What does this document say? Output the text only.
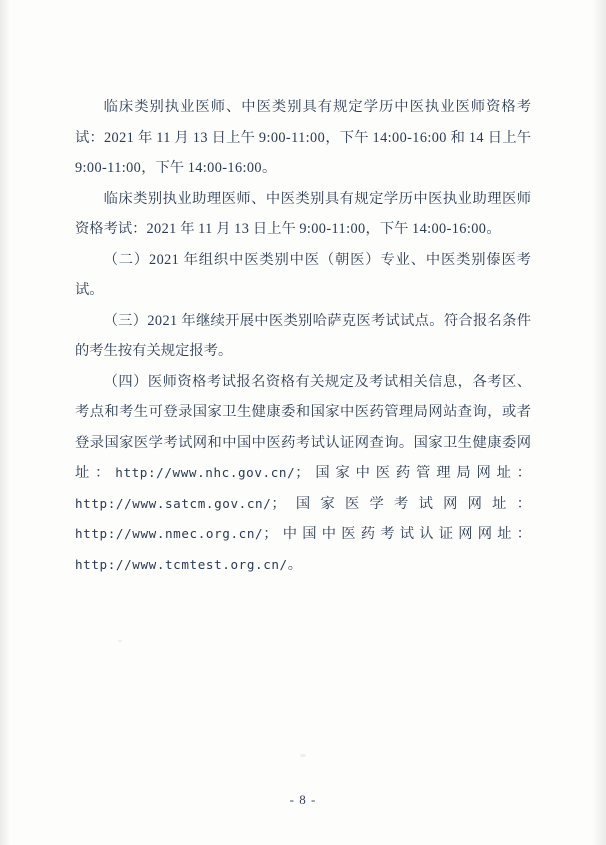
临床类别执业医师、中医类别具有规定学历中医执业医师资格考试：2021 年 11 月 13 日上午 9:00-11:00，下午 14:00-16:00 和 14 日上午 9:00-11:00，下午 14:00-16:00。

临床类别执业助理医师、中医类别具有规定学历中医执业助理医师资格考试：2021 年 11 月 13 日上午 9:00-11:00，下午 14:00-16:00。

（二）2021 年组织中医类别中医（朝医）专业、中医类别傣医考试。

（三）2021 年继续开展中医类别哈萨克医考试试点。符合报名条件的考生按有关规定报考。

（四）医师资格考试报名资格有关规定及考试相关信息，各考区、考点和考生可登录国家卫生健康委和国家中医药管理局网站查询，或者登录国家医学考试网和中国中医药考试认证网查询。国家卫生健康委网址：http://www.nhc.gov.cn/；国家中医药管理局网址：http://www.satcm.gov.cn/；国家医学考试网网址：http://www.nmec.org.cn/；中国中医药考试认证网网址：http://www.tcmtest.org.cn/。

- 8 -
